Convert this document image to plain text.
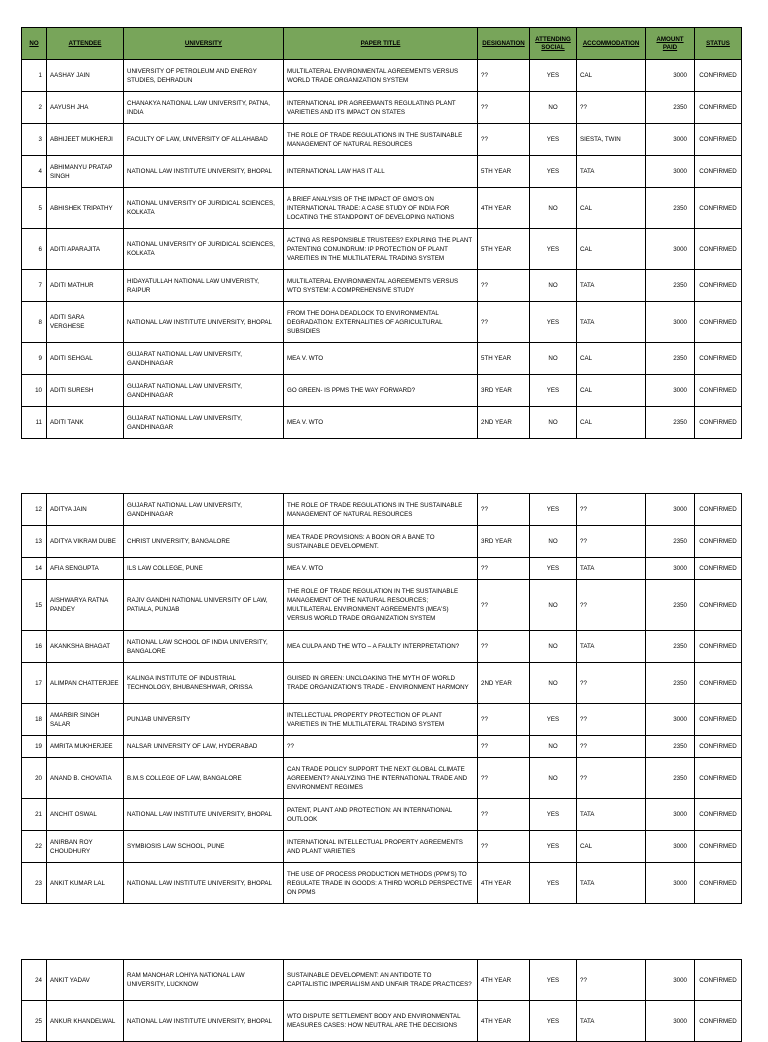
NO	ATTENDEE	UNIVERSITY	PAPER TITLE	DESIGNATION	ATTENDING SOCIAL	ACCOMMODATION	AMOUNT PAID	STATUS
1	AASHAY JAIN	UNIVERSITY OF PETROLEUM AND ENERGY STUDIES, DEHRADUN	MULTILATERAL ENVIRONMENTAL AGREEMENTS VERSUS WORLD TRADE ORGANIZATION SYSTEM	??	YES	CAL	3000	CONFIRMED
2	AAYUSH JHA	CHANAKYA NATIONAL LAW UNIVERSITY, PATNA, INDIA	INTERNATIONAL IPR AGREEMANTS REGULATING PLANT VARIETIES AND ITS IMPACT ON STATES	??	NO	??	2350	CONFIRMED
3	ABHIJEET MUKHERJI	FACULTY OF LAW, UNIVERSITY OF ALLAHABAD	THE ROLE OF TRADE REGULATIONS IN THE SUSTAINABLE MANAGEMENT OF NATURAL RESOURCES	??	YES	SIESTA, TWIN	3000	CONFIRMED
4	ABHIMANYU PRATAP SINGH	NATIONAL LAW INSTITUTE UNIVERSITY, BHOPAL	INTERNATIONAL LAW HAS IT ALL	5TH YEAR	YES	TATA	3000	CONFIRMED
5	ABHISHEK TRIPATHY	NATIONAL UNIVERSITY OF JURIDICAL SCIENCES, KOLKATA	A BRIEF ANALYSIS OF THE IMPACT OF GMO'S ON INTERNATIONAL TRADE: A CASE STUDY OF INDIA FOR LOCATING THE STANDPOINT OF DEVELOPING NATIONS	4TH YEAR	NO	CAL	2350	CONFIRMED
6	ADITI APARAJITA	NATIONAL UNIVERSITY OF JURIDICAL SCIENCES, KOLKATA	ACTING AS RESPONSIBLE TRUSTEES? EXPLRING THE PLANT PATENTING CONUNDRUM: IP PROTECTION OF PLANT VAREITIES IN THE MULTILATERAL TRADING SYSTEM	5TH YEAR	YES	CAL	3000	CONFIRMED
7	ADITI MATHUR	HIDAYATULLAH NATIONAL LAW UNIVERISTY, RAIPUR	MULTILATERAL ENVIRONMENTAL AGREEMENTS VERSUS WTO SYSTEM: A COMPREHENSIVE STUDY	??	NO	TATA	2350	CONFIRMED
8	ADITI SARA VERGHESE	NATIONAL LAW INSTITUTE UNIVERSITY, BHOPAL	FROM THE DOHA DEADLOCK TO ENVIRONMENTAL DEGRADATION: EXTERNALITIES OF AGRICULTURAL SUBSIDIES	??	YES	TATA	3000	CONFIRMED
9	ADITI SEHGAL	GUJARAT NATIONAL LAW UNIVERSITY, GANDHINAGAR	MEA V. WTO	5TH YEAR	NO	CAL	2350	CONFIRMED
10	ADITI SURESH	GUJARAT NATIONAL LAW UNIVERSITY, GANDHINAGAR	GO GREEN- IS PPMS THE WAY FORWARD?	3RD YEAR	YES	CAL	3000	CONFIRMED
11	ADITI TANK	GUJARAT NATIONAL LAW UNIVERSITY, GANDHINAGAR	MEA V. WTO	2ND YEAR	NO	CAL	2350	CONFIRMED
12	ADITYA JAIN	GUJARAT NATIONAL LAW UNIVERSITY, GANDHINAGAR	THE ROLE OF TRADE REGULATIONS IN THE SUSTAINABLE MANAGEMENT OF NATURAL RESOURCES	??	YES	??	3000	CONFIRMED
13	ADITYA VIKRAM DUBE	CHRIST UNIVERSITY, BANGALORE	MEA TRADE PROVISIONS: A BOON OR A BANE TO SUSTAINABLE DEVELOPMENT.	3RD YEAR	NO	??	2350	CONFIRMED
14	AFIA SENGUPTA	ILS LAW COLLEGE, PUNE	MEA V. WTO	??	YES	TATA	3000	CONFIRMED
15	AISHWARYA RATNA PANDEY	RAJIV GANDHI NATIONAL UNIVERSITY OF LAW, PATIALA, PUNJAB	THE ROLE OF TRADE REGULATION IN THE SUSTAINABLE MANAGEMENT OF THE NATURAL RESOURCES; MULTILATERAL ENVIRONMENT AGREEMENTS (MEA'S) VERSUS WORLD TRADE ORGANIZATION SYSTEM	??	NO	??	2350	CONFIRMED
16	AKANKSHA BHAGAT	NATIONAL LAW SCHOOL OF INDIA UNIVERSITY, BANGALORE	MEA CULPA AND THE WTO – A FAULTY INTERPRETATION?	??	NO	TATA	2350	CONFIRMED
17	ALIMPAN CHATTERJEE	KALINGA INSTITUTE OF INDUSTRIAL TECHNOLOGY, BHUBANESHWAR, ORISSA	GUISED IN GREEN: UNCLOAKING THE MYTH OF WORLD TRADE ORGANIZATION'S TRADE - ENVIRONMENT HARMONY	2ND YEAR	NO	??	2350	CONFIRMED
18	AMARBIR SINGH SALAR	PUNJAB UNIVERSITY	INTELLECTUAL PROPERTY PROTECTION OF PLANT VARIETIES IN THE MULTILATERAL TRADING SYSTEM	??	YES	??	3000	CONFIRMED
19	AMRITA MUKHERJEE	NALSAR UNIVERSITY OF LAW, HYDERABAD	??	??	NO	??	2350	CONFIRMED
20	ANAND B. CHOVATIA	B.M.S COLLEGE OF LAW, BANGALORE	CAN TRADE POLICY SUPPORT THE NEXT GLOBAL CLIMATE AGREEMENT? ANALYZING THE INTERNATIONAL TRADE AND ENVIRONMENT REGIMES	??	NO	??	2350	CONFIRMED
21	ANCHIT OSWAL	NATIONAL LAW INSTITUTE UNIVERSITY, BHOPAL	PATENT, PLANT AND PROTECTION: AN INTERNATIONAL OUTLOOK	??	YES	TATA	3000	CONFIRMED
22	ANIRBAN ROY CHOUDHURY	SYMBIOSIS LAW SCHOOL, PUNE	INTERNATIONAL INTELLECTUAL PROPERTY AGREEMENTS AND PLANT VARIETIES	??	YES	CAL	3000	CONFIRMED
23	ANKIT KUMAR LAL	NATIONAL LAW INSTITUTE UNIVERSITY, BHOPAL	THE USE OF PROCESS PRODUCTION METHODS (PPM'S) TO REGULATE TRADE IN GOODS: A THIRD WORLD PERSPECTIVE ON PPMS	4TH YEAR	YES	TATA	3000	CONFIRMED
24	ANKIT YADAV	RAM MANOHAR LOHIYA NATIONAL LAW UNIVERSITY, LUCKNOW	SUSTAINABLE DEVELOPMENT: AN ANTIDOTE TO CAPITALISTIC IMPERIALISM AND UNFAIR TRADE PRACTICES?	4TH YEAR	YES	??	3000	CONFIRMED
25	ANKUR KHANDELWAL	NATIONAL LAW INSTITUTE UNIVERSITY, BHOPAL	WTO DISPUTE SETTLEMENT BODY AND ENVIRONMENTAL MEASURES CASES: HOW NEUTRAL ARE THE DECISIONS	4TH YEAR	YES	TATA	3000	CONFIRMED
